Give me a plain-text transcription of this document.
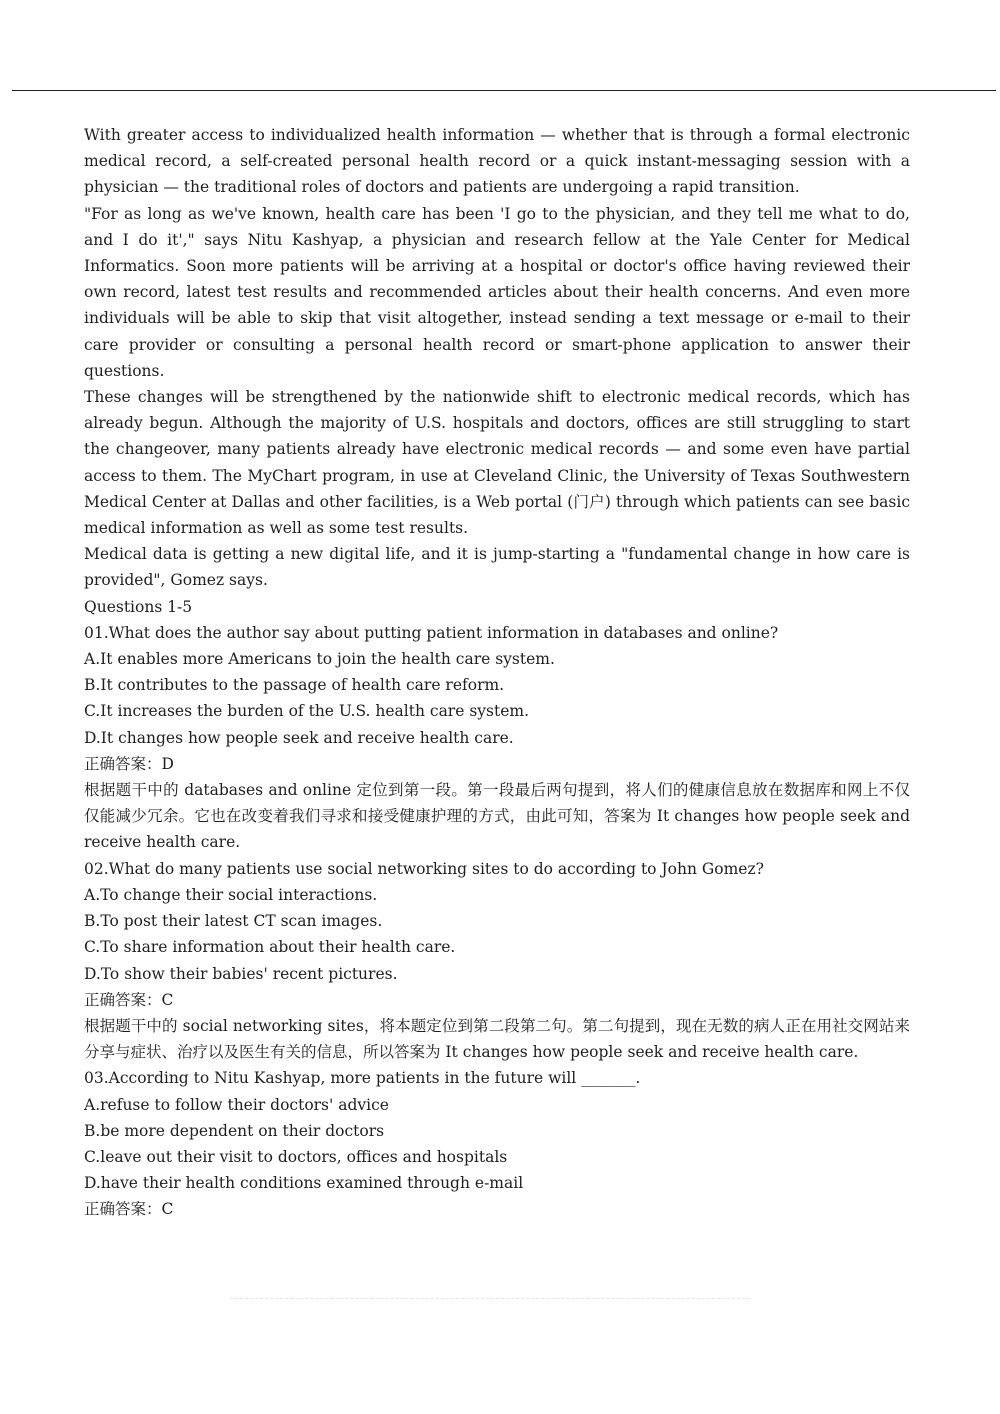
With greater access to individualized health information — whether that is through a formal electronic medical record, a self-created personal health record or a quick instant-messaging session with a physician — the traditional roles of doctors and patients are undergoing a rapid transition.

"For as long as we've known, health care has been 'I go to the physician, and they tell me what to do, and I do it'," says Nitu Kashyap, a physician and research fellow at the Yale Center for Medical Informatics. Soon more patients will be arriving at a hospital or doctor's office having reviewed their own record, latest test results and recommended articles about their health concerns. And even more individuals will be able to skip that visit altogether, instead sending a text message or e-mail to their care provider or consulting a personal health record or smart-phone application to answer their questions.

These changes will be strengthened by the nationwide shift to electronic medical records, which has already begun. Although the majority of U.S. hospitals and doctors, offices are still struggling to start the changeover, many patients already have electronic medical records — and some even have partial access to them. The MyChart program, in use at Cleveland Clinic, the University of Texas Southwestern Medical Center at Dallas and other facilities, is a Web portal (门户) through which patients can see basic medical information as well as some test results.

Medical data is getting a new digital life, and it is jump-starting a "fundamental change in how care is provided", Gomez says.

Questions 1-5

01.What does the author say about putting patient information in databases and online?

A.It enables more Americans to join the health care system.

B.It contributes to the passage of health care reform.

C.It increases the burden of the U.S. health care system.

D.It changes how people seek and receive health care.

正确答案：D

根据题干中的 databases and online 定位到第一段。第一段最后两句提到，将人们的健康信息放在数据库和网上不仅仅能减少冗余。它也在改变着我们寻求和接受健康护理的方式，由此可知，答案为 It changes how people seek and receive health care.

02.What do many patients use social networking sites to do according to John Gomez?

A.To change their social interactions.

B.To post their latest CT scan images.

C.To share information about their health care.

D.To show their babies' recent pictures.

正确答案：C

根据题干中的 social networking sites，将本题定位到第二段第二句。第二句提到，现在无数的病人正在用社交网站来分享与症状、治疗以及医生有关的信息，所以答案为 It changes how people seek and receive health care.

03.According to Nitu Kashyap, more patients in the future will _______.

A.refuse to follow their doctors' advice

B.be more dependent on their doctors

C.leave out their visit to doctors, offices and hospitals

D.have their health conditions examined through e-mail

正确答案：C
